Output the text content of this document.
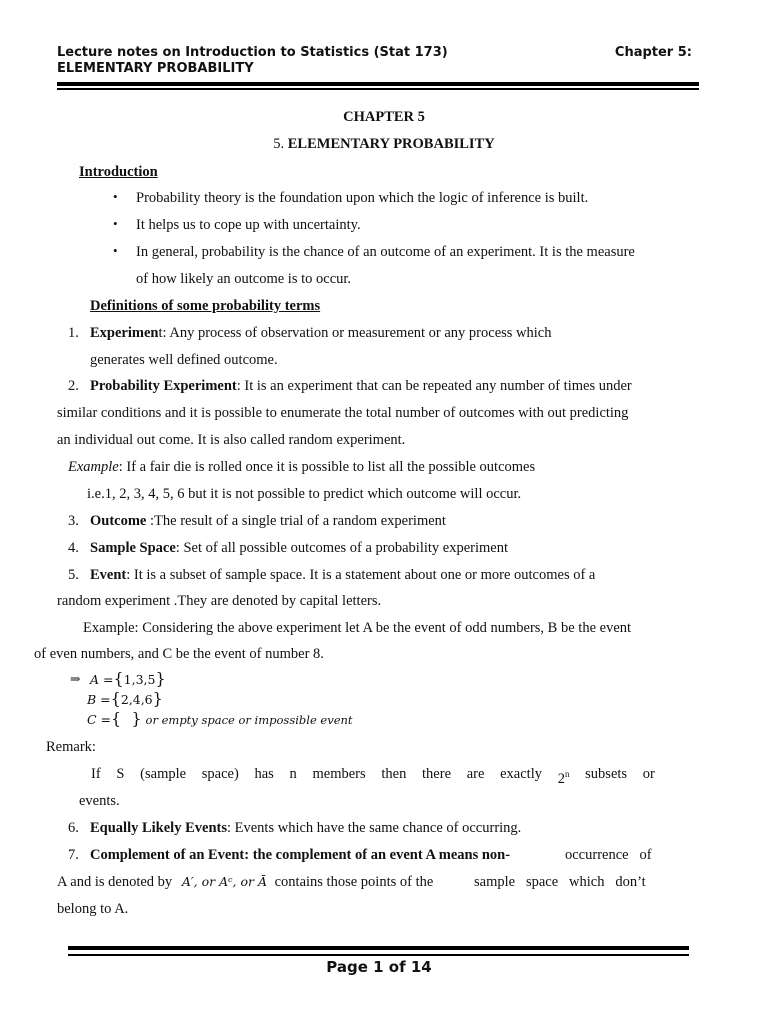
Lecture notes on Introduction to Statistics (Stat 173)
ELEMENTARY PROBABILITY
Chapter 5:
CHAPTER 5
5. ELEMENTARY PROBABILITY
Introduction
• Probability theory is the foundation upon which the logic of inference is built.
• It helps us to cope up with uncertainty.
• In general, probability is the chance of an outcome of an experiment. It is the measure
of how likely an outcome is to occur.
Definitions of some probability terms
1. Experiment: Any process of observation or measurement or any process which
generates well defined outcome.
2. Probability Experiment: It is an experiment that can be repeated any number of times under
similar conditions and it is possible to enumerate the total number of outcomes with out predicting
an individual out come. It is also called random experiment.
Example: If a fair die is rolled once it is possible to list all the possible outcomes
i.e.1, 2, 3, 4, 5, 6 but it is not possible to predict which outcome will occur.
3. Outcome :The result of a single trial of a random experiment
4. Sample Space: Set of all possible outcomes of a probability experiment
5. Event: It is a subset of sample space. It is a statement about one or more outcomes of a
random experiment .They are denoted by capital letters.
Example: Considering the above experiment let A be the event of odd numbers, B be the event
of even numbers, and C be the event of number 8.
⇒ A ={1,3,5}
B ={2,4,6}
C ={  } or empty space or impossible event
Remark:
If S (sample space) has n members then there are exactly 2$^n$ subsets or
events.
6. Equally Likely Events: Events which have the same chance of occurring.
7. Complement of an Event: the complement of an event A means non-	occurrence   of
A and is denoted by A′, or Aᶜ, or Ā contains those points of the	sample   space   which   don’t
belong to A.
Page 1 of 14
